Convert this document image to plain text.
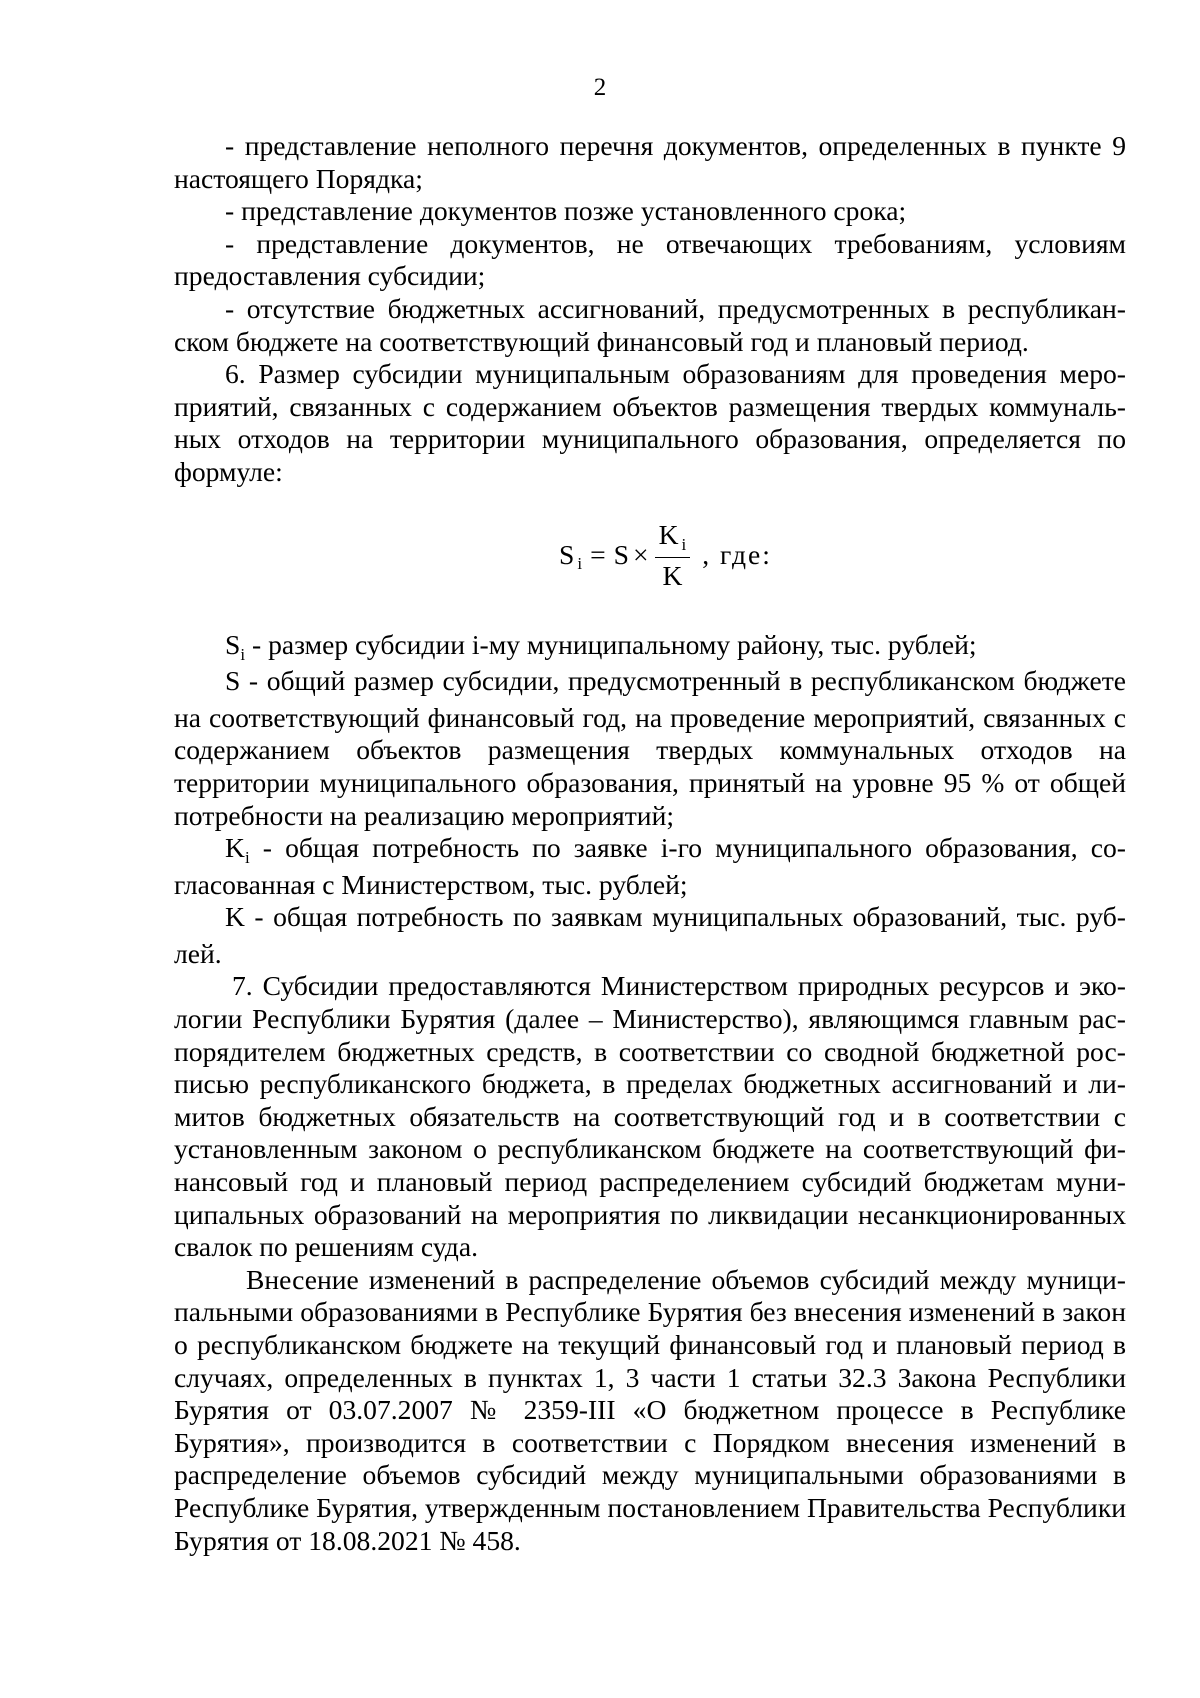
2

- представление неполного перечня документов, определенных в пункте 9 настоящего Порядка;

- представление документов позже установленного срока;

- представление документов, не отвечающих требованиям, условиям предоставления субсидии;

- отсутствие бюджетных ассигнований, предусмотренных в республиканском бюджете на соответствующий финансовый год и плановый период.

6. Размер субсидии муниципальным образованиям для проведения мероприятий, связанных с содержанием объектов размещения твердых коммунальных отходов на территории муниципального образования, определяется по формуле:

S $i = S \times \frac{K _i}{K}$ , где:

$S_i$ - размер субсидии i-му муниципальному району, тыс. рублей;

S - общий размер субсидии, предусмотренный в республиканском бюджете на соответствующий финансовый год, на проведение мероприятий, связанных с содержанием объектов размещения твердых коммунальных отходов на территории муниципального образования, принятый на уровне 95 % от общей потребности на реализацию мероприятий;

$K_i$ - общая потребность по заявке i-го муниципального образования, согласованная с Министерством, тыс. рублей;

K - общая потребность по заявкам муниципальных образований, тыс. рублей.

7. Субсидии предоставляются Министерством природных ресурсов и экологии Республики Бурятия (далее – Министерство), являющимся главным распорядителем бюджетных средств, в соответствии со сводной бюджетной росписью республиканского бюджета, в пределах бюджетных ассигнований и лимитов бюджетных обязательств на соответствующий год и в соответствии с установленным законом о республиканском бюджете на соответствующий финансовый год и плановый период распределением субсидий бюджетам муниципальных образований на мероприятия по ликвидации несанкционированных свалок по решениям суда.

Внесение изменений в распределение объемов субсидий между муниципальными образованиями в Республике Бурятия без внесения изменений в закон о республиканском бюджете на текущий финансовый год и плановый период в случаях, определенных в пунктах 1, 3 части 1 статьи 32.3 Закона Республики Бурятия от 03.07.2007 № 2359-III «О бюджетном процессе в Республике Бурятия», производится в соответствии с Порядком внесения изменений в распределение объемов субсидий между муниципальными образованиями в Республике Бурятия, утвержденным постановлением Правительства Республики Бурятия от 18.08.2021 № 458.
